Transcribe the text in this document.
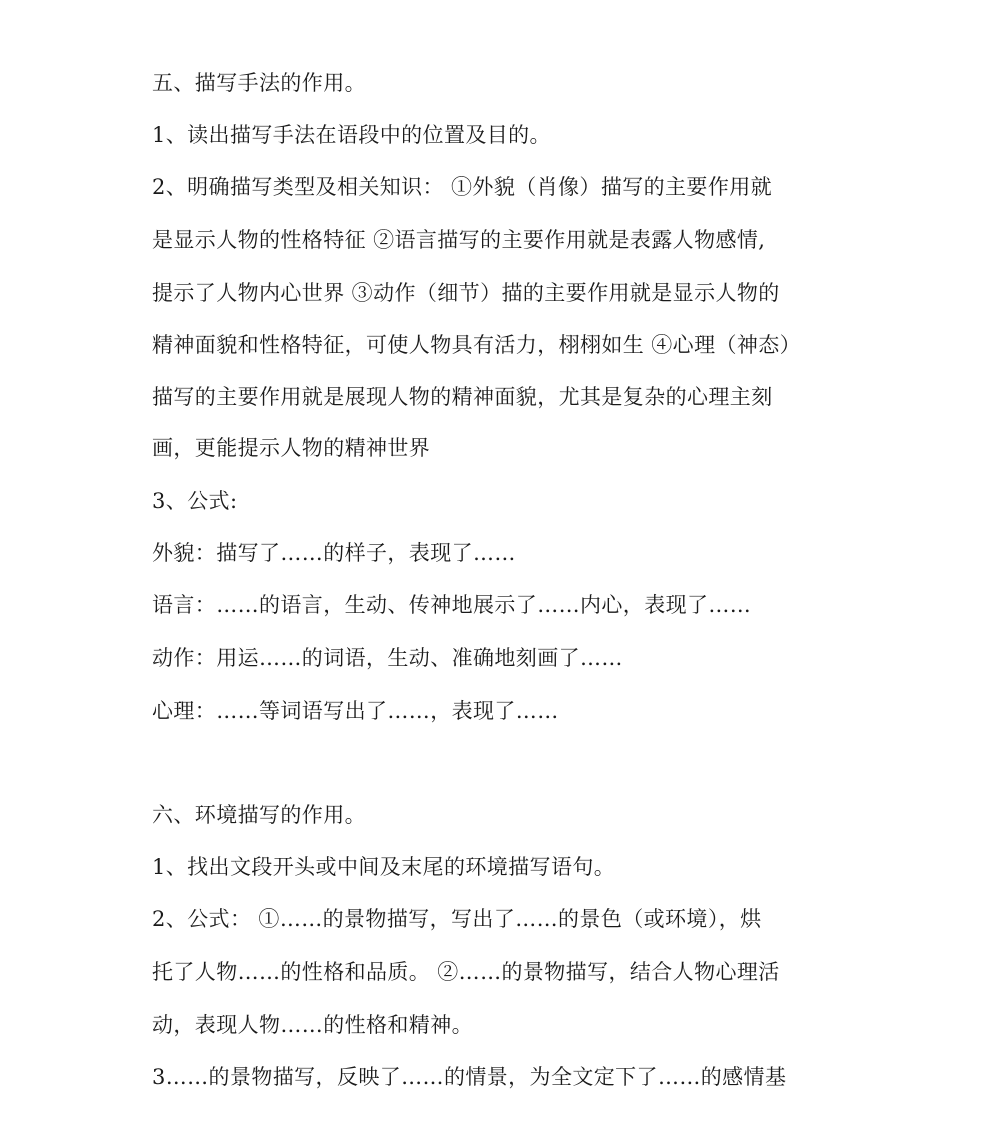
五、描写手法的作用。
1、读出描写手法在语段中的位置及目的。
2、明确描写类型及相关知识： ①外貌（肖像）描写的主要作用就
是显示人物的性格特征 ②语言描写的主要作用就是表露人物感情,
提示了人物内心世界 ③动作（细节）描的主要作用就是显示人物的
精神面貌和性格特征，可使人物具有活力，栩栩如生 ④心理（神态）
描写的主要作用就是展现人物的精神面貌，尤其是复杂的心理主刻
画，更能提示人物的精神世界
3、公式:
外貌：描写了……的样子，表现了……
语言：……的语言，生动、传神地展示了……内心，表现了……
动作：用运……的词语，生动、准确地刻画了……
心理：……等词语写出了……，表现了……
六、环境描写的作用。
1、找出文段开头或中间及末尾的环境描写语句。
2、公式： ①……的景物描写，写出了……的景色（或环境），烘
托了人物……的性格和品质。 ②……的景物描写，结合人物心理活
动，表现人物……的性格和精神。
3……的景物描写，反映了……的情景，为全文定下了……的感情基
